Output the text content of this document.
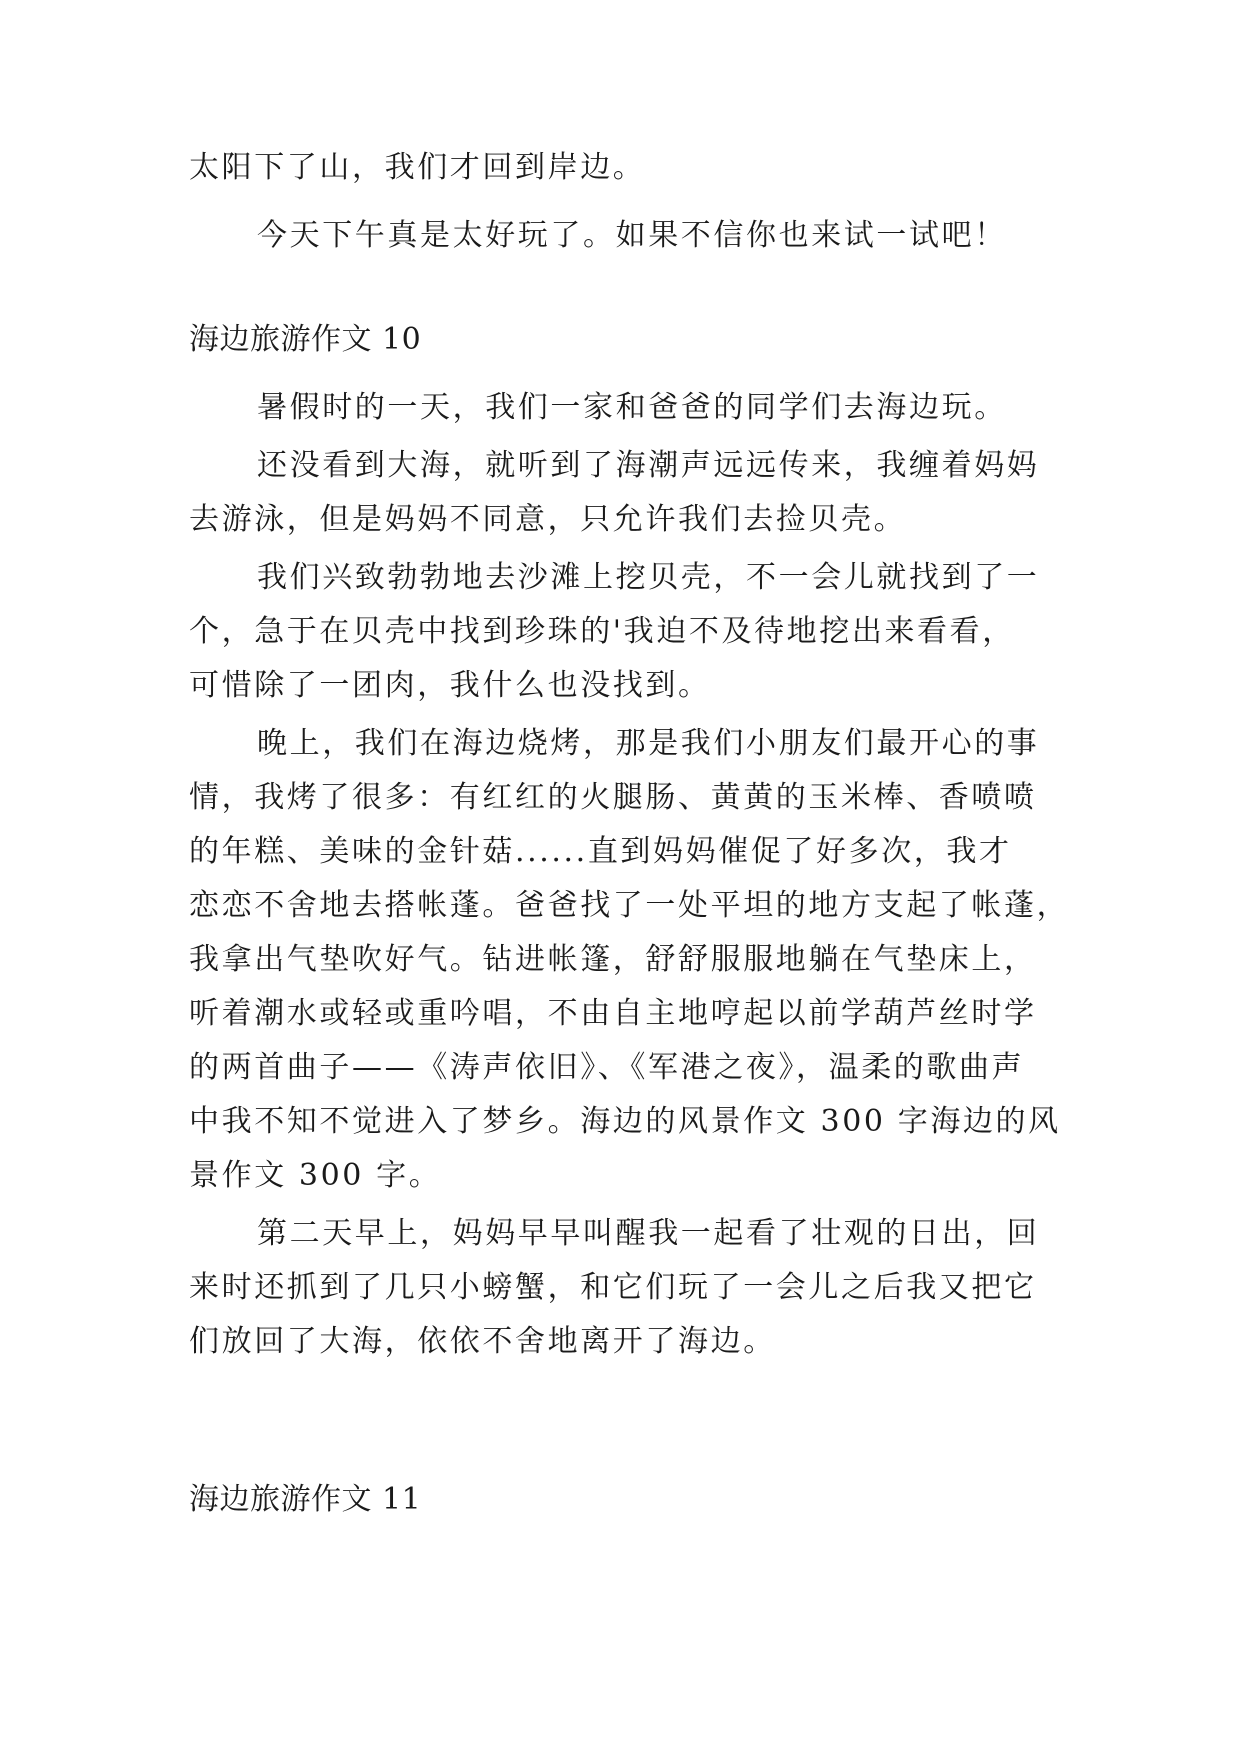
太阳下了山，我们才回到岸边。
今天下午真是太好玩了。如果不信你也来试一试吧！
海边旅游作文 10
暑假时的一天，我们一家和爸爸的同学们去海边玩。
还没看到大海，就听到了海潮声远远传来，我缠着妈妈
去游泳，但是妈妈不同意，只允许我们去捡贝壳。
我们兴致勃勃地去沙滩上挖贝壳，不一会儿就找到了一
个，急于在贝壳中找到珍珠的'我迫不及待地挖出来看看，
可惜除了一团肉，我什么也没找到。
晚上，我们在海边烧烤，那是我们小朋友们最开心的事
情，我烤了很多：有红红的火腿肠、黄黄的玉米棒、香喷喷
的年糕、美味的金针菇......直到妈妈催促了好多次，我才
恋恋不舍地去搭帐蓬。爸爸找了一处平坦的地方支起了帐蓬，
我拿出气垫吹好气。钻进帐篷，舒舒服服地躺在气垫床上，
听着潮水或轻或重吟唱，不由自主地哼起以前学葫芦丝时学
的两首曲子——《涛声依旧》、《军港之夜》，温柔的歌曲声
中我不知不觉进入了梦乡。海边的风景作文 300 字海边的风
景作文 300 字。
第二天早上，妈妈早早叫醒我一起看了壮观的日出，回
来时还抓到了几只小螃蟹，和它们玩了一会儿之后我又把它
们放回了大海，依依不舍地离开了海边。
海边旅游作文 11
